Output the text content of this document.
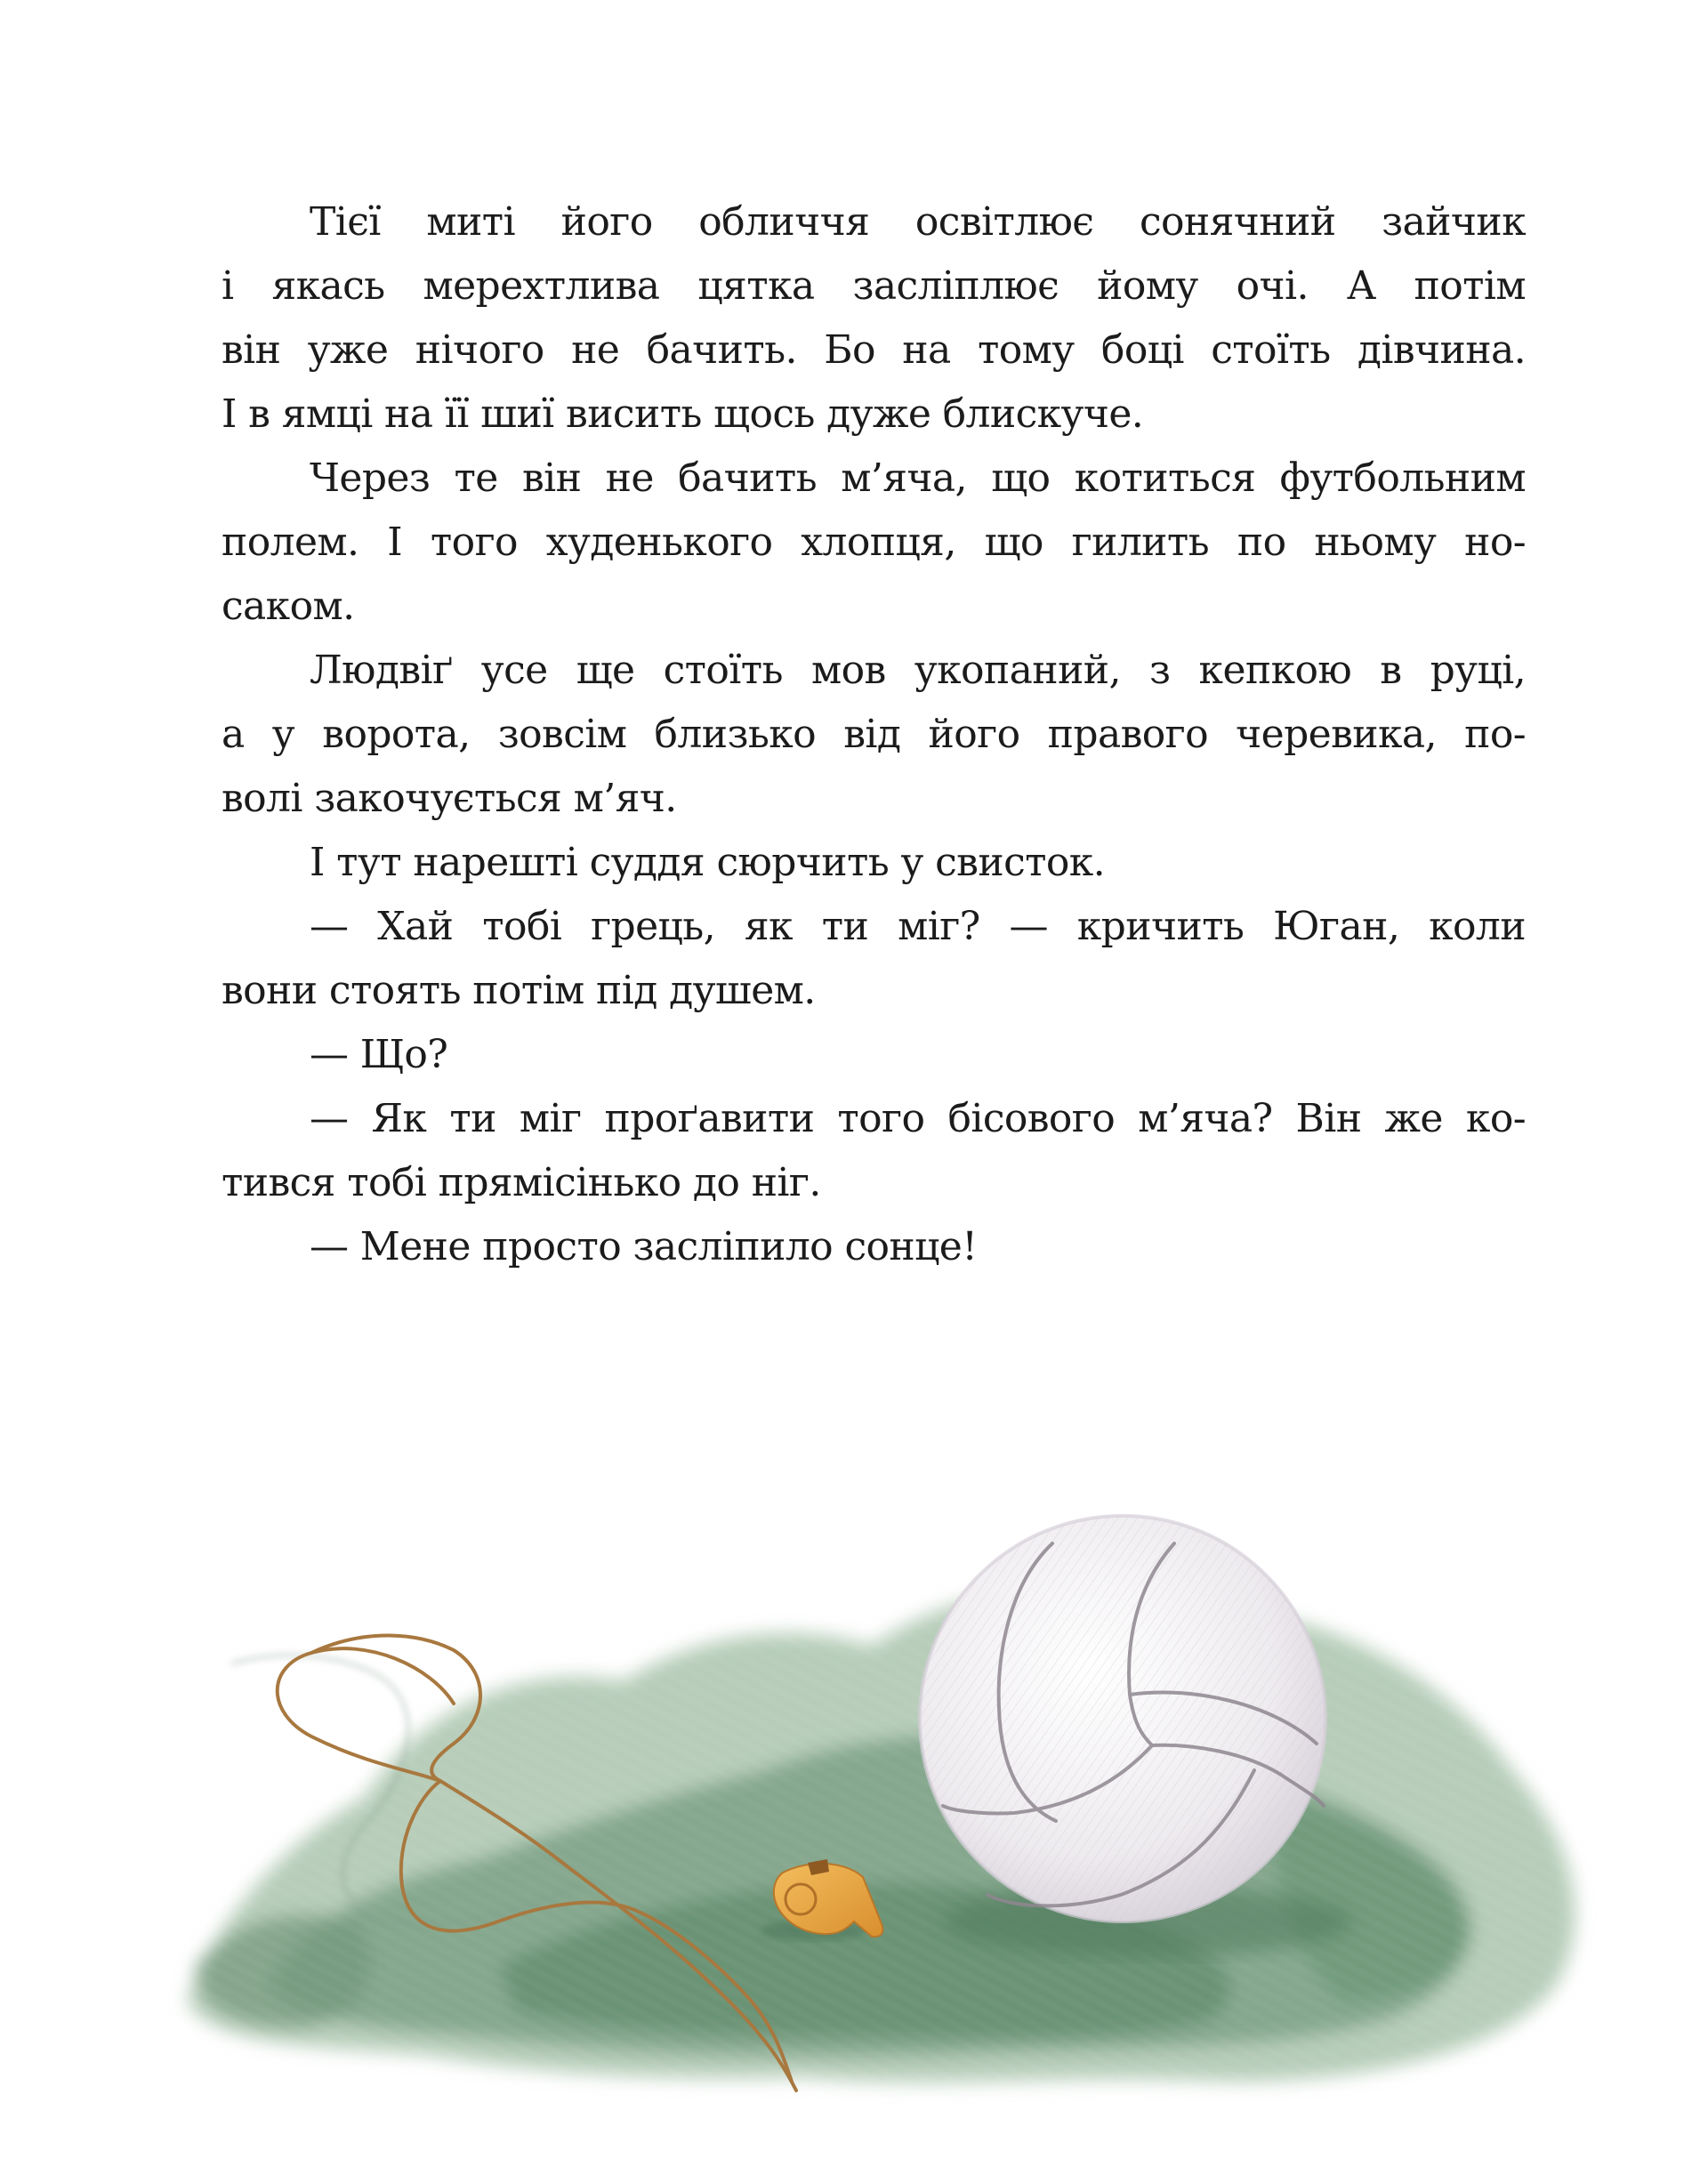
Тієї миті його обличчя освітлює сонячний зайчик
і якась мерехтлива цятка засліплює йому очі. А потім
він уже нічого не бачить. Бо на тому боці стоїть дівчина.
І в ямці на її шиї висить щось дуже блискуче.
Через те він не бачить м’яча, що котиться футбольним
полем. І того худенького хлопця, що гилить по ньому но-
саком.
Людвіґ усе ще стоїть мов укопаний, з кепкою в руці,
а у ворота, зовсім близько від його правого черевика, по-
волі закочується м’яч.
І тут нарешті суддя сюрчить у свисток.
— Хай тобі грець, як ти міг? — кричить Юган, коли
вони стоять потім під душем.
— Що?
— Як ти міг проґавити того бісового м’яча? Він же ко-
тився тобі прямісінько до ніг.
— Мене просто засліпило сонце!
